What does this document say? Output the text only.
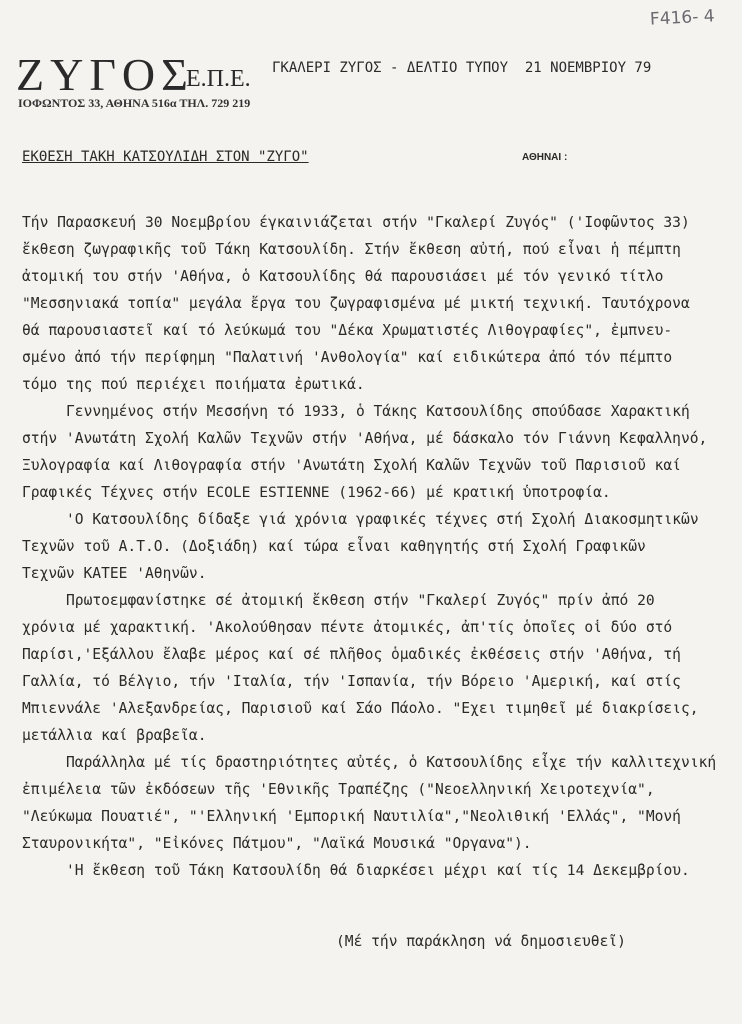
F416- 4
ΖΥΓΟΣ
Ε.Π.Ε.
ΙΟΦΩΝΤΟΣ 33, ΑΘΗΝΑ 516α ΤΗΛ. 729 219
ΓΚΑΛΕΡΙ ΖΥΓΟΣ - ΔΕΛΤΙΟ ΤΥΠΟΥ  21 ΝΟΕΜΒΡΙΟΥ 79
ΕΚΘΕΣΗ ΤΑΚΗ ΚΑΤΣΟΥΛΙΔΗ ΣΤΟΝ "ΖΥΓΟ"	ΑΘΗΝΑΙ :
Τήν Παρασκευή 30 Νοεμβρίου έγκαινιάζεται στήν "Γκαλερί Ζυγός" ('Ιοφῶντος 33)
ἔκθεση ζωγραφικῆς τοῦ Τάκη Κατσουλίδη. Στήν ἔκθεση αὐτή, πού εἶναι ἡ πέμπτη
ἀτομική του στήν 'Αθήνα, ὁ Κατσουλίδης θά παρουσιάσει μέ τόν γενικό τίτλο
"Μεσσηνιακά τοπία" μεγάλα ἔργα του ζωγραφισμένα μέ μικτή τεχνική. Ταυτόχρονα
θά παρουσιαστεῖ καί τό λεύκωμά του "Δέκα Χρωματιστές Λιθογραφίες", ἐμπνευ-
σμένο ἀπό τήν περίφημη "Παλατινή 'Ανθολογία" καί ειδικώτερα ἀπό τόν πέμπτο
τόμο της πού περιέχει ποιήματα ἐρωτικά.
Γεννημένος στήν Μεσσήνη τό 1933, ὁ Τάκης Κατσουλίδης σπούδασε Χαρακτική
στήν 'Ανωτάτη Σχολή Καλῶν Τεχνῶν στήν 'Αθήνα, μέ δάσκαλο τόν Γιάννη Κεφαλληνό,
Ξυλογραφία καί Λιθογραφία στήν 'Ανωτάτη Σχολή Καλῶν Τεχνῶν τοῦ Παρισιοῦ καί
Γραφικές Τέχνες στήν ECOLE ESTIENNE (1962-66) μέ κρατική ὑποτροφία.
'Ο Κατσουλίδης δίδαξε γιά χρόνια γραφικές τέχνες στή Σχολή Διακοσμητικῶν
Τεχνῶν τοῦ Α.Τ.Ο. (Δοξιάδη) καί τώρα εἶναι καθηγητής στή Σχολή Γραφικῶν
Τεχνῶν ΚΑΤΕΕ 'Αθηνῶν.
Πρωτοεμφανίστηκε σέ ἀτομική ἔκθεση στήν "Γκαλερί Ζυγός" πρίν ἀπό 20
χρόνια μέ χαρακτική. 'Ακολούθησαν πέντε ἀτομικές, ἀπ'τίς ὁποῖες οἱ δύο στό
Παρίσι,'Εξάλλου ἔλαβε μέρος καί σέ πλῆθος ὁμαδικές ἐκθέσεις στήν 'Αθήνα, τή
Γαλλία, τό Βέλγιο, τήν 'Ιταλία, τήν 'Ισπανία, τήν Βόρειο 'Αμερική, καί στίς
Μπιεννάλε 'Αλεξανδρείας, Παρισιοῦ καί Σάο Πάολο. "Εχει τιμηθεῖ μέ διακρίσεις,
μετάλλια καί βραβεῖα.
Παράλληλα μέ τίς δραστηριότητες αὐτές, ὁ Κατσουλίδης εἶχε τήν καλλιτεχνική
ἐπιμέλεια τῶν ἐκδόσεων τῆς 'Εθνικῆς Τραπέζης ("Νεοελληνική Χειροτεχνία",
"Λεύκωμα Πουατιέ", "'Ελληνική 'Εμπορική Ναυτιλία","Νεολιθική 'Ελλάς", "Μονή
Σταυρονικήτα", "Εἰκόνες Πάτμου", "Λαϊκά Μουσικά "Οργανα").
'Η ἔκθεση τοῦ Τάκη Κατσουλίδη θά διαρκέσει μέχρι καί τίς 14 Δεκεμβρίου.
(Μέ τήν παράκληση νά δημοσιευθεῖ)
